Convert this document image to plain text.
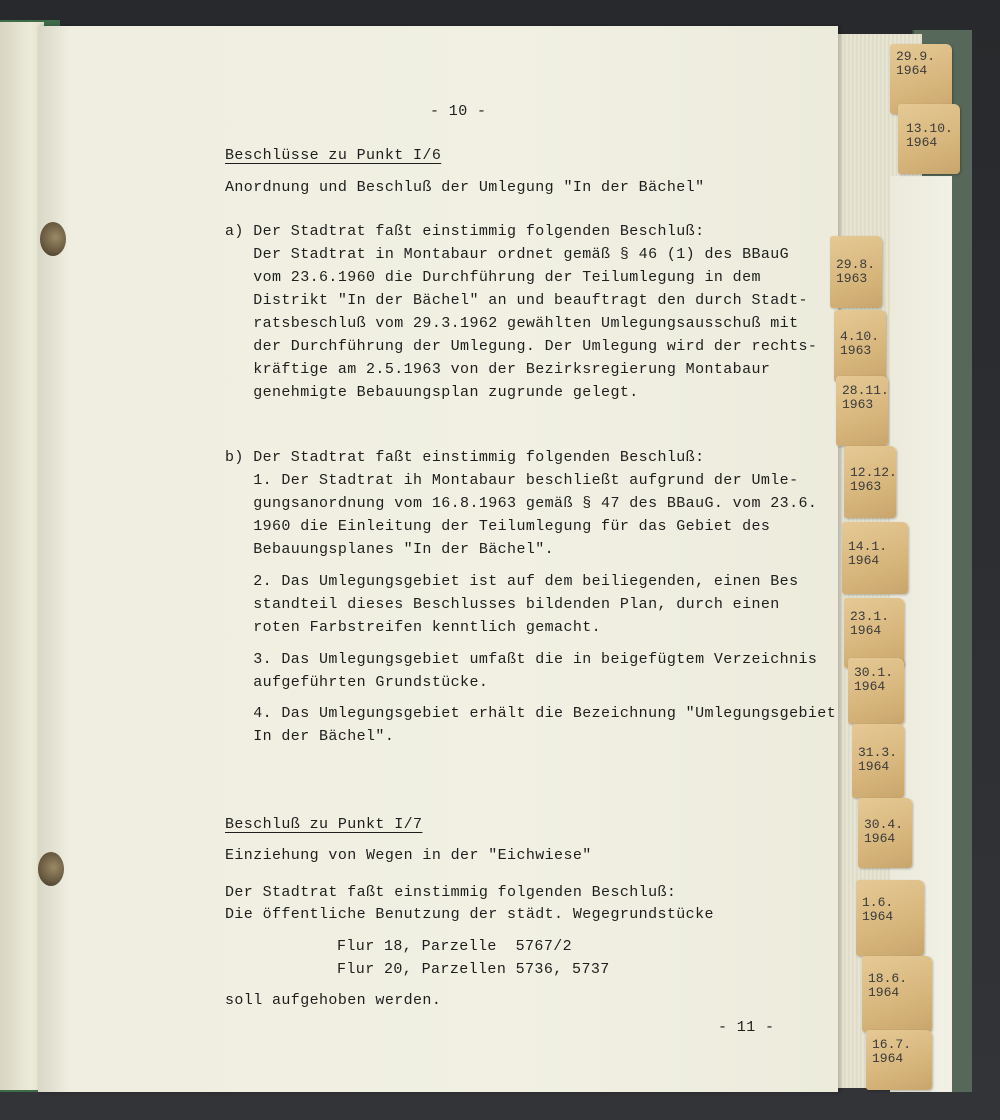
- 10 -

Beschlüsse zu Punkt I/6

Anordnung und Beschluß der Umlegung "In der Bächel"

a) Der Stadtrat faßt einstimmig folgenden Beschluß:

Der Stadtrat in Montabaur ordnet gemäß § 46 (1) des BBauG

vom 23.6.1960 die Durchführung der Teilumlegung in dem

Distrikt "In der Bächel" an und beauftragt den durch Stadt-

ratsbeschluß vom 29.3.1962 gewählten Umlegungsausschuß mit

der Durchführung der Umlegung. Der Umlegung wird der rechts-

kräftige am 2.5.1963 von der Bezirksregierung Montabaur

genehmigte Bebauungsplan zugrunde gelegt.

b) Der Stadtrat faßt einstimmig folgenden Beschluß:

1. Der Stadtrat ih Montabaur beschließt aufgrund der Umle-

gungsanordnung vom 16.8.1963 gemäß § 47 des BBauG. vom 23.6.

1960 die Einleitung der Teilumlegung für das Gebiet des

Bebauungsplanes "In der Bächel".

2. Das Umlegungsgebiet ist auf dem beiliegenden, einen Bes

standteil dieses Beschlusses bildenden Plan, durch einen

roten Farbstreifen kenntlich gemacht.

3. Das Umlegungsgebiet umfaßt die in beigefügtem Verzeichnis

aufgeführten Grundstücke.

4. Das Umlegungsgebiet erhält die Bezeichnung "Umlegungsgebiet

In der Bächel".

Beschluß zu Punkt I/7

Einziehung von Wegen in der "Eichwiese"

Der Stadtrat faßt einstimmig folgenden Beschluß:

Die öffentliche Benutzung der städt. Wegegrundstücke

Flur 18, Parzelle  5767/2

Flur 20, Parzellen 5736, 5737

soll aufgehoben werden.

- 11 -

29.9.
1964
13.10.
1964
29.8.
1963
4.10.
1963
28.11.
1963
12.12.
1963
14.1.
1964
23.1.
1964
30.1.
1964
31.3.
1964
30.4.
1964
1.6.
1964
18.6.
1964
16.7.
1964
